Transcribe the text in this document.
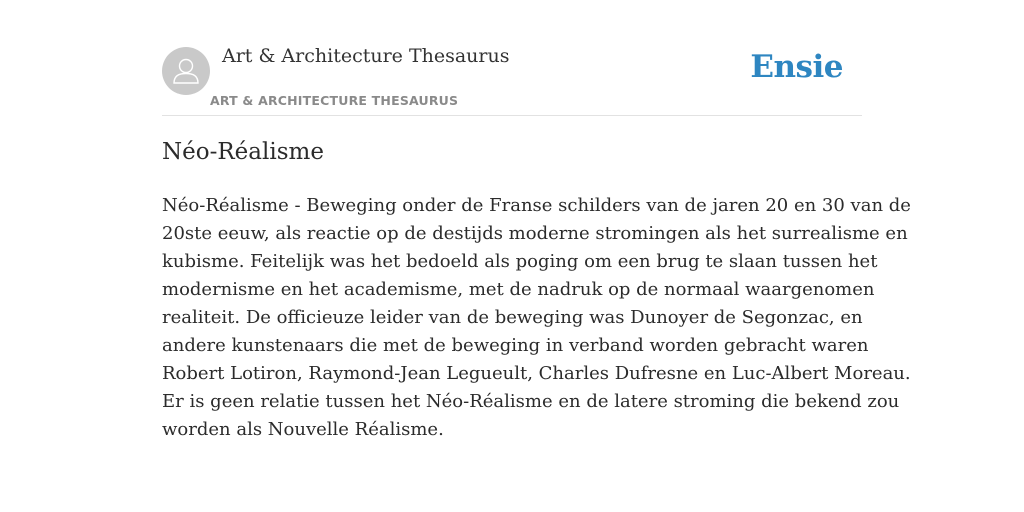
Art & Architecture Thesaurus
ART & ARCHITECTURE THESAURUS
Ensie
Néo-Réalisme

Néo-Réalisme - Beweging onder de Franse schilders van de jaren 20 en 30 van de
20ste eeuw, als reactie op de destijds moderne stromingen als het surrealisme en
kubisme. Feitelijk was het bedoeld als poging om een brug te slaan tussen het
modernisme en het academisme, met de nadruk op de normaal waargenomen
realiteit. De officieuze leider van de beweging was Dunoyer de Segonzac, en
andere kunstenaars die met de beweging in verband worden gebracht waren
Robert Lotiron, Raymond-Jean Legueult, Charles Dufresne en Luc-Albert Moreau.
Er is geen relatie tussen het Néo-Réalisme en de latere stroming die bekend zou
worden als Nouvelle Réalisme.
